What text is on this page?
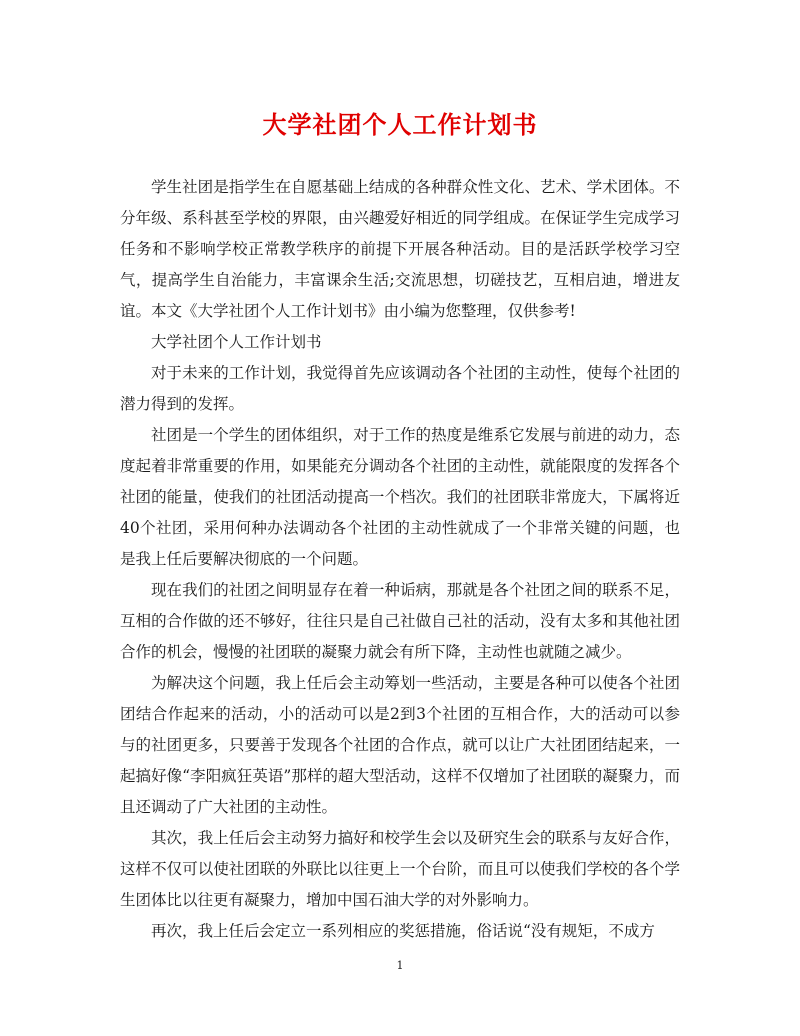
大学社团个人工作计划书

学生社团是指学生在自愿基础上结成的各种群众性文化、艺术、学术团体。不分年级、系科甚至学校的界限，由兴趣爱好相近的同学组成。在保证学生完成学习任务和不影响学校正常教学秩序的前提下开展各种活动。目的是活跃学校学习空气，提高学生自治能力，丰富课余生活;交流思想，切磋技艺，互相启迪，增进友谊。本文《大学社团个人工作计划书》由小编为您整理，仅供参考!

大学社团个人工作计划书

对于未来的工作计划，我觉得首先应该调动各个社团的主动性，使每个社团的潜力得到的发挥。

社团是一个学生的团体组织，对于工作的热度是维系它发展与前进的动力，态度起着非常重要的作用，如果能充分调动各个社团的主动性，就能限度的发挥各个社团的能量，使我们的社团活动提高一个档次。我们的社团联非常庞大，下属将近40个社团，采用何种办法调动各个社团的主动性就成了一个非常关键的问题，也是我上任后要解决彻底的一个问题。

现在我们的社团之间明显存在着一种诟病，那就是各个社团之间的联系不足，互相的合作做的还不够好，往往只是自己社做自己社的活动，没有太多和其他社团合作的机会，慢慢的社团联的凝聚力就会有所下降，主动性也就随之减少。

为解决这个问题，我上任后会主动筹划一些活动，主要是各种可以使各个社团团结合作起来的活动，小的活动可以是2到3个社团的互相合作，大的活动可以参与的社团更多，只要善于发现各个社团的合作点，就可以让广大社团团结起来，一起搞好像“李阳疯狂英语”那样的超大型活动，这样不仅增加了社团联的凝聚力，而且还调动了广大社团的主动性。

其次，我上任后会主动努力搞好和校学生会以及研究生会的联系与友好合作，这样不仅可以使社团联的外联比以往更上一个台阶，而且可以使我们学校的各个学生团体比以往更有凝聚力，增加中国石油大学的对外影响力。

再次，我上任后会定立一系列相应的奖惩措施，俗话说“没有规矩，不成方

1
